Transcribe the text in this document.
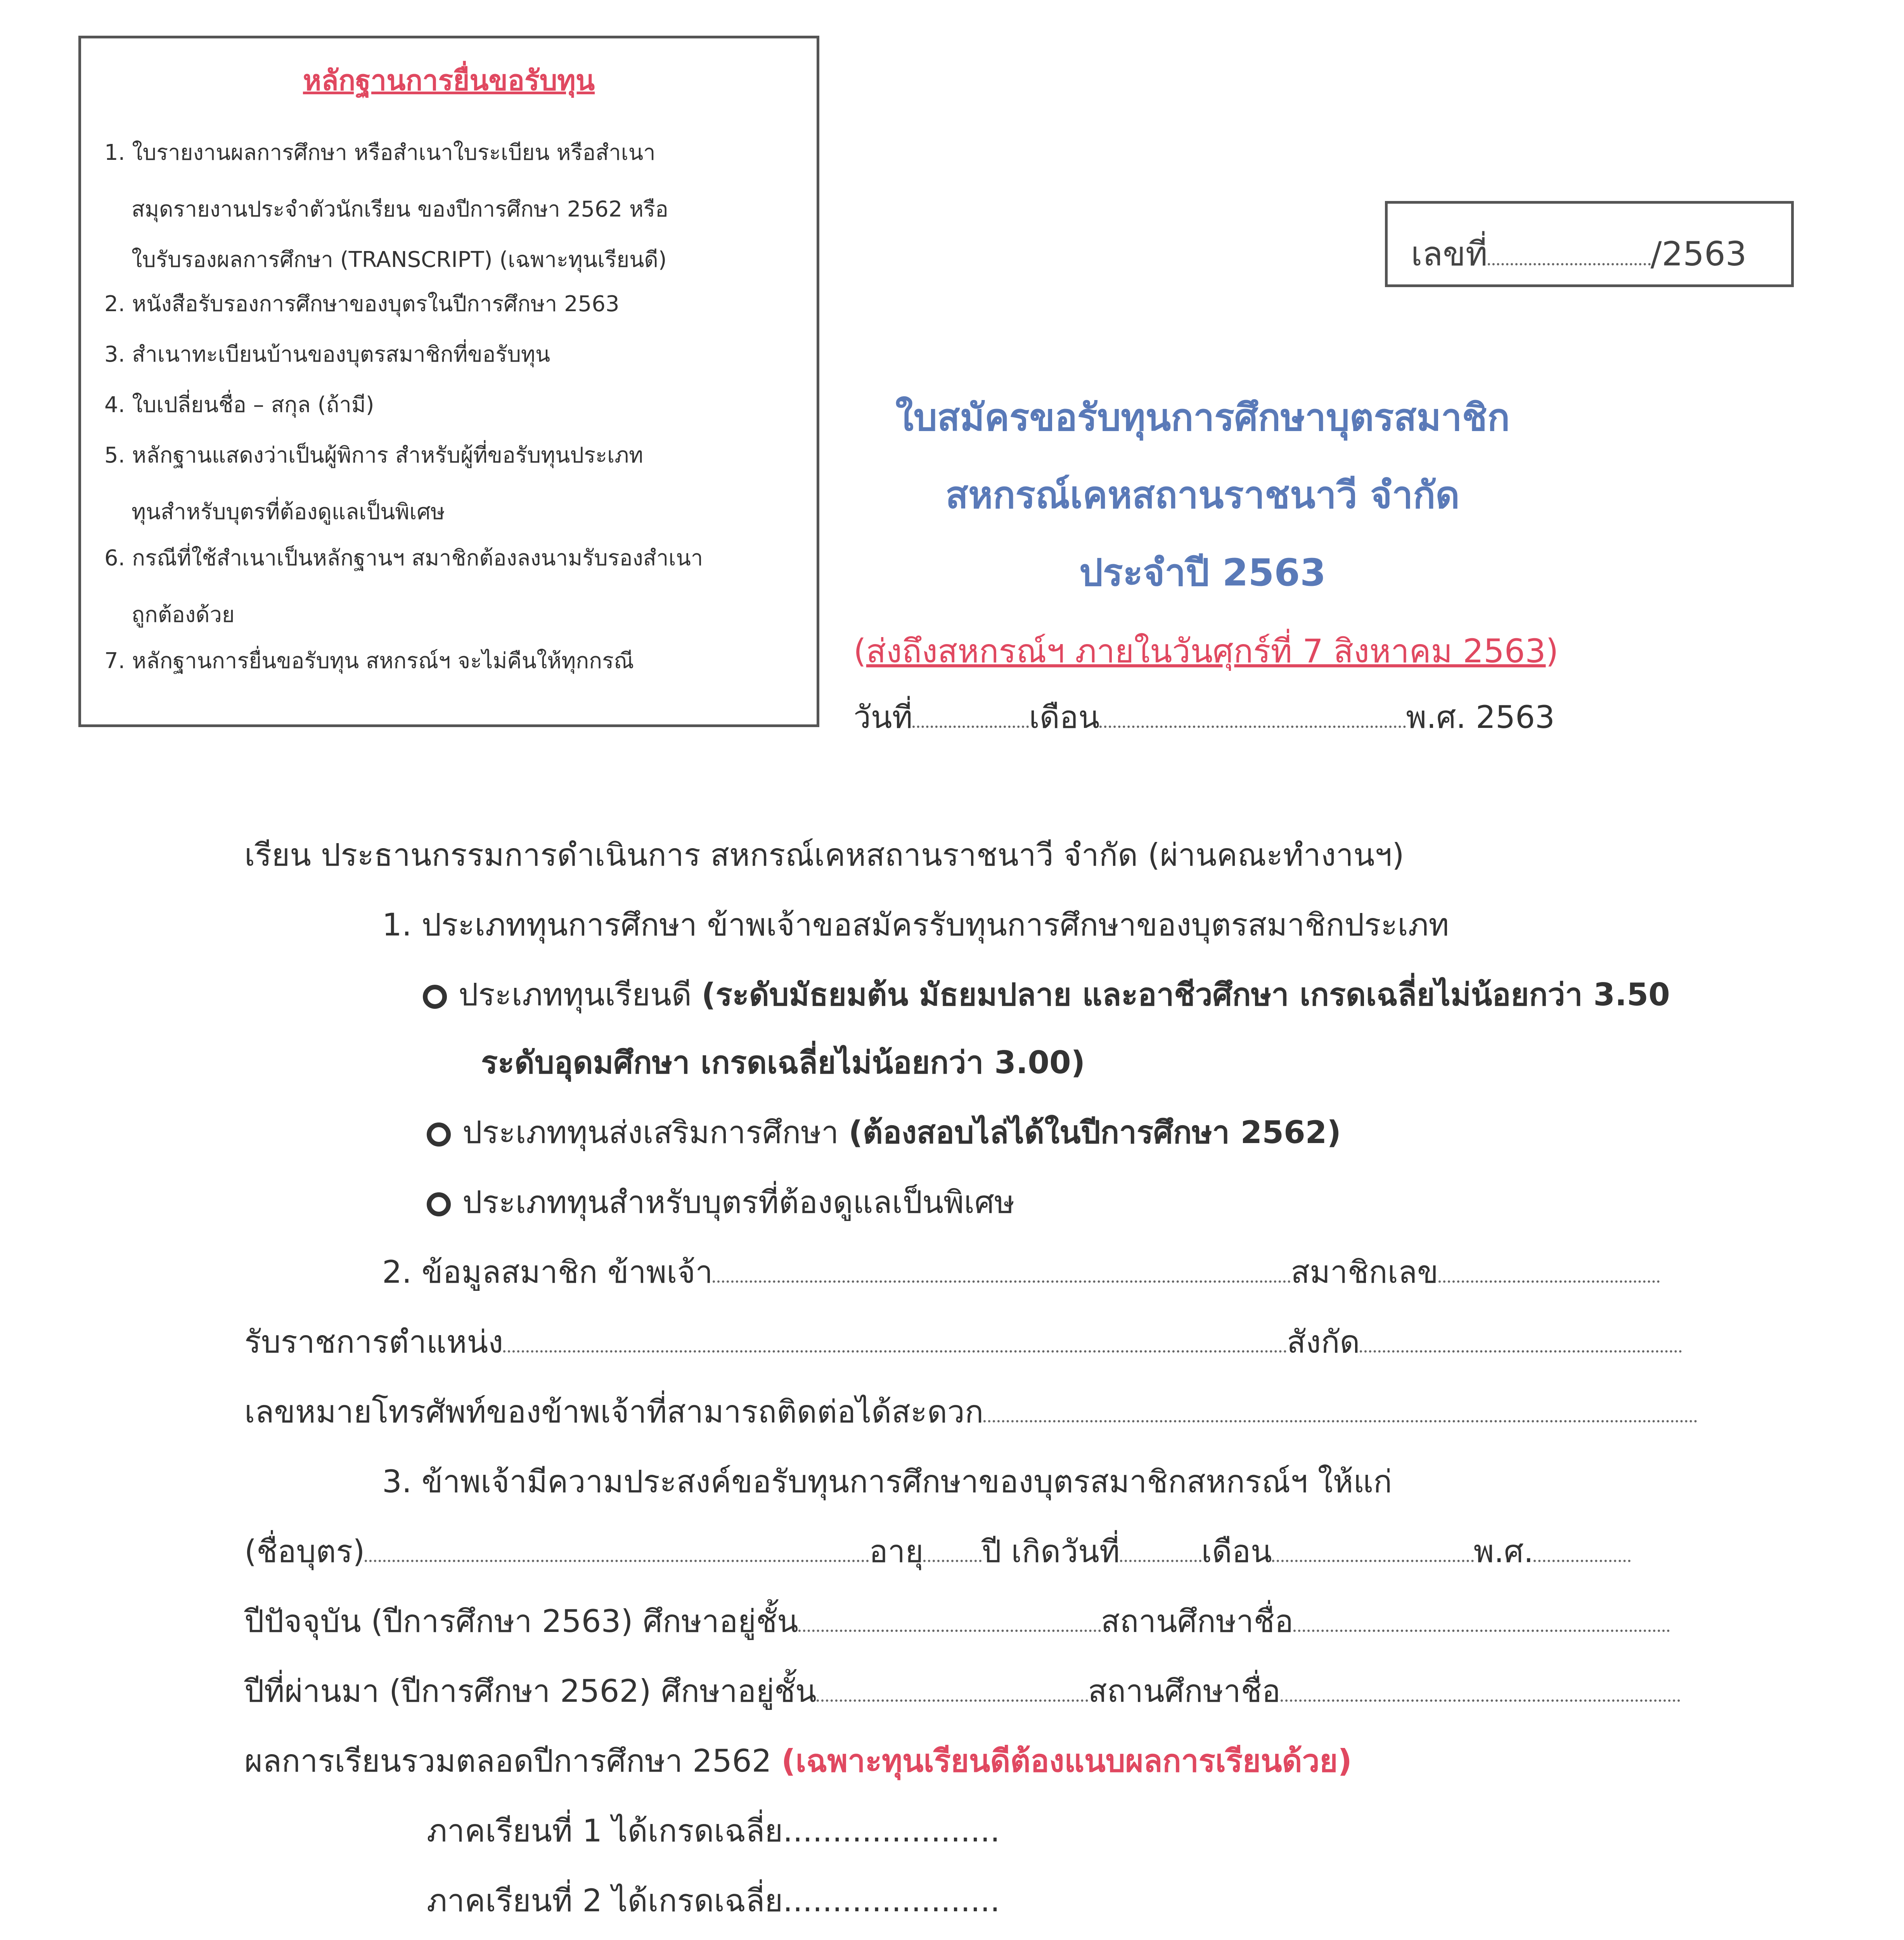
หลักฐานการยื่นขอรับทุน
1. ใบรายงานผลการศึกษา หรือสำเนาใบระเบียน หรือสำเนา
สมุดรายงานประจำตัวนักเรียน ของปีการศึกษา 2562 หรือ
ใบรับรองผลการศึกษา (TRANSCRIPT) (เฉพาะทุนเรียนดี)
2. หนังสือรับรองการศึกษาของบุตรในปีการศึกษา 2563
3. สำเนาทะเบียนบ้านของบุตรสมาชิกที่ขอรับทุน
4. ใบเปลี่ยนชื่อ – สกุล (ถ้ามี)
5. หลักฐานแสดงว่าเป็นผู้พิการ สำหรับผู้ที่ขอรับทุนประเภท
ทุนสำหรับบุตรที่ต้องดูแลเป็นพิเศษ
6. กรณีที่ใช้สำเนาเป็นหลักฐานฯ สมาชิกต้องลงนามรับรองสำเนา
ถูกต้องด้วย
7. หลักฐานการยื่นขอรับทุน สหกรณ์ฯ จะไม่คืนให้ทุกกรณี
เลขที่	/2563
ใบสมัครขอรับทุนการศึกษาบุตรสมาชิก
สหกรณ์เคหสถานราชนาวี จำกัด
ประจำปี 2563
(ส่งถึงสหกรณ์ฯ ภายในวันศุกร์ที่ 7 สิงหาคม 2563)
วันที่	เดือน	พ.ศ. 2563
เรียน ประธานกรรมการดำเนินการ สหกรณ์เคหสถานราชนาวี จำกัด (ผ่านคณะทำงานฯ)
1. ประเภททุนการศึกษา ข้าพเจ้าขอสมัครรับทุนการศึกษาของบุตรสมาชิกประเภท
ประเภททุนเรียนดี (ระดับมัธยมต้น มัธยมปลาย และอาชีวศึกษา เกรดเฉลี่ยไม่น้อยกว่า 3.50
ระดับอุดมศึกษา เกรดเฉลี่ยไม่น้อยกว่า 3.00)
ประเภททุนส่งเสริมการศึกษา (ต้องสอบไล่ได้ในปีการศึกษา 2562)
ประเภททุนสำหรับบุตรที่ต้องดูแลเป็นพิเศษ
2. ข้อมูลสมาชิก ข้าพเจ้า	สมาชิกเลข
รับราชการตำแหน่ง	สังกัด
เลขหมายโทรศัพท์ของข้าพเจ้าที่สามารถติดต่อได้สะดวก
3. ข้าพเจ้ามีความประสงค์ขอรับทุนการศึกษาของบุตรสมาชิกสหกรณ์ฯ ให้แก่
(ชื่อบุตร)	อายุ ปี เกิดวันที่	เดือน	พ.ศ.
ปีปัจจุบัน (ปีการศึกษา 2563) ศึกษาอยู่ชั้น	สถานศึกษาชื่อ
ปีที่ผ่านมา (ปีการศึกษา 2562) ศึกษาอยู่ชั้น	สถานศึกษาชื่อ
ผลการเรียนรวมตลอดปีการศึกษา 2562 (เฉพาะทุนเรียนดีต้องแนบผลการเรียนด้วย)
ภาคเรียนที่ 1 ได้เกรดเฉลี่ย......................
ภาคเรียนที่ 2 ได้เกรดเฉลี่ย......................
